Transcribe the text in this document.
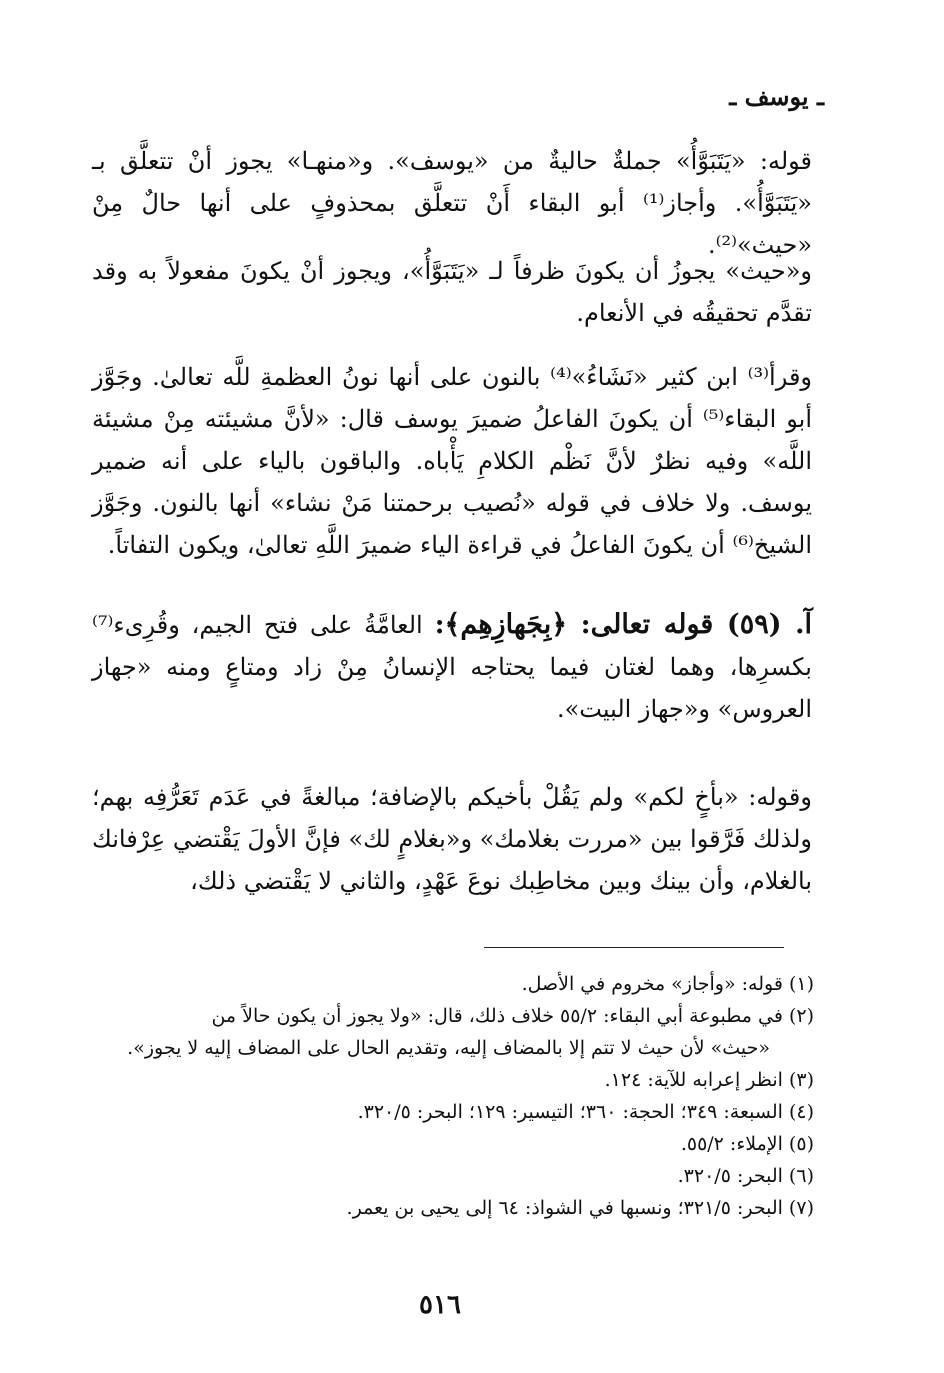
ـ يوسف ـ

قوله: «يَتَبَوَّأُ» جملةٌ حاليةٌ من «يوسف». و«منهـا» يجوز أنْ تتعلَّق بـ «يَتَبَوَّأُ». وأجاز⁽¹⁾ أبو البقاء أَنْ تتعلَّق بمحذوفٍ على أنها حالٌ مِنْ «حيث»⁽²⁾.

و«حيث» يجوزُ أن يكونَ ظرفاً لـ «يَتَبَوَّأُ»، ويجوز أنْ يكونَ مفعولاً به وقد تقدَّم تحقيقُه في الأنعام.

وقرأ⁽³⁾ ابن كثير «نَشَاءُ»⁽⁴⁾ بالنون على أنها نونُ العظمةِ للَّه تعالىٰ. وجَوَّز أبو البقاء⁽⁵⁾ أن يكونَ الفاعلُ ضميرَ يوسف قال: «لأنَّ مشيئته مِنْ مشيئة اللَّه» وفيه نظرٌ لأنَّ نَظْم الكلامِ يَأْباه. والباقون بالياء على أنه ضمير يوسف. ولا خلاف في قوله «نُصيب برحمتنا مَنْ نشاء» أنها بالنون. وجَوَّز الشيخ⁽⁶⁾ أن يكونَ الفاعلُ في قراءة الياء ضميرَ اللَّهِ تعالىٰ، ويكون التفاتاً.

آ. (٥٩) قوله تعالى: ﴿بِجَهازِهِم﴾: العامَّةُ على فتح الجيم، وقُرِىء⁽⁷⁾ بكسرِها، وهما لغتان فيما يحتاجه الإنسانُ مِنْ زاد ومتاعٍ ومنه «جهاز العروس» و«جهاز البيت».

وقوله: «بأخٍ لكم» ولم يَقُلْ بأخيكم بالإضافة؛ مبالغةً في عَدَم تَعَرُّفِه بهم؛ ولذلك فَرَّقوا بين «مررت بغلامك» و«بغلامٍ لك» فإنَّ الأولَ يَقْتضي عِرْفانك بالغلام، وأن بينك وبين مخاطِبك نوعَ عَهْدٍ، والثاني لا يَقْتضي ذلك،

(١) قوله: «وأجاز» مخروم في الأصل.

(٢) في مطبوعة أبي البقاء: ٥٥/٢ خلاف ذلك، قال: «ولا يجوز أن يكون حالاً من

«حيث» لأن حيث لا تتم إلا بالمضاف إليه، وتقديم الحال على المضاف إليه لا يجوز».

(٣) انظر إعرابه للآية: ١٢٤.

(٤) السبعة: ٣٤٩؛ الحجة: ٣٦٠؛ التيسير: ١٢٩؛ البحر: ٣٢٠/٥.

(٥) الإملاء: ٥٥/٢.

(٦) البحر: ٣٢٠/٥.

(٧) البحر: ٣٢١/٥؛ ونسبها في الشواذ: ٦٤ إلى يحيى بن يعمر.

٥١٦
